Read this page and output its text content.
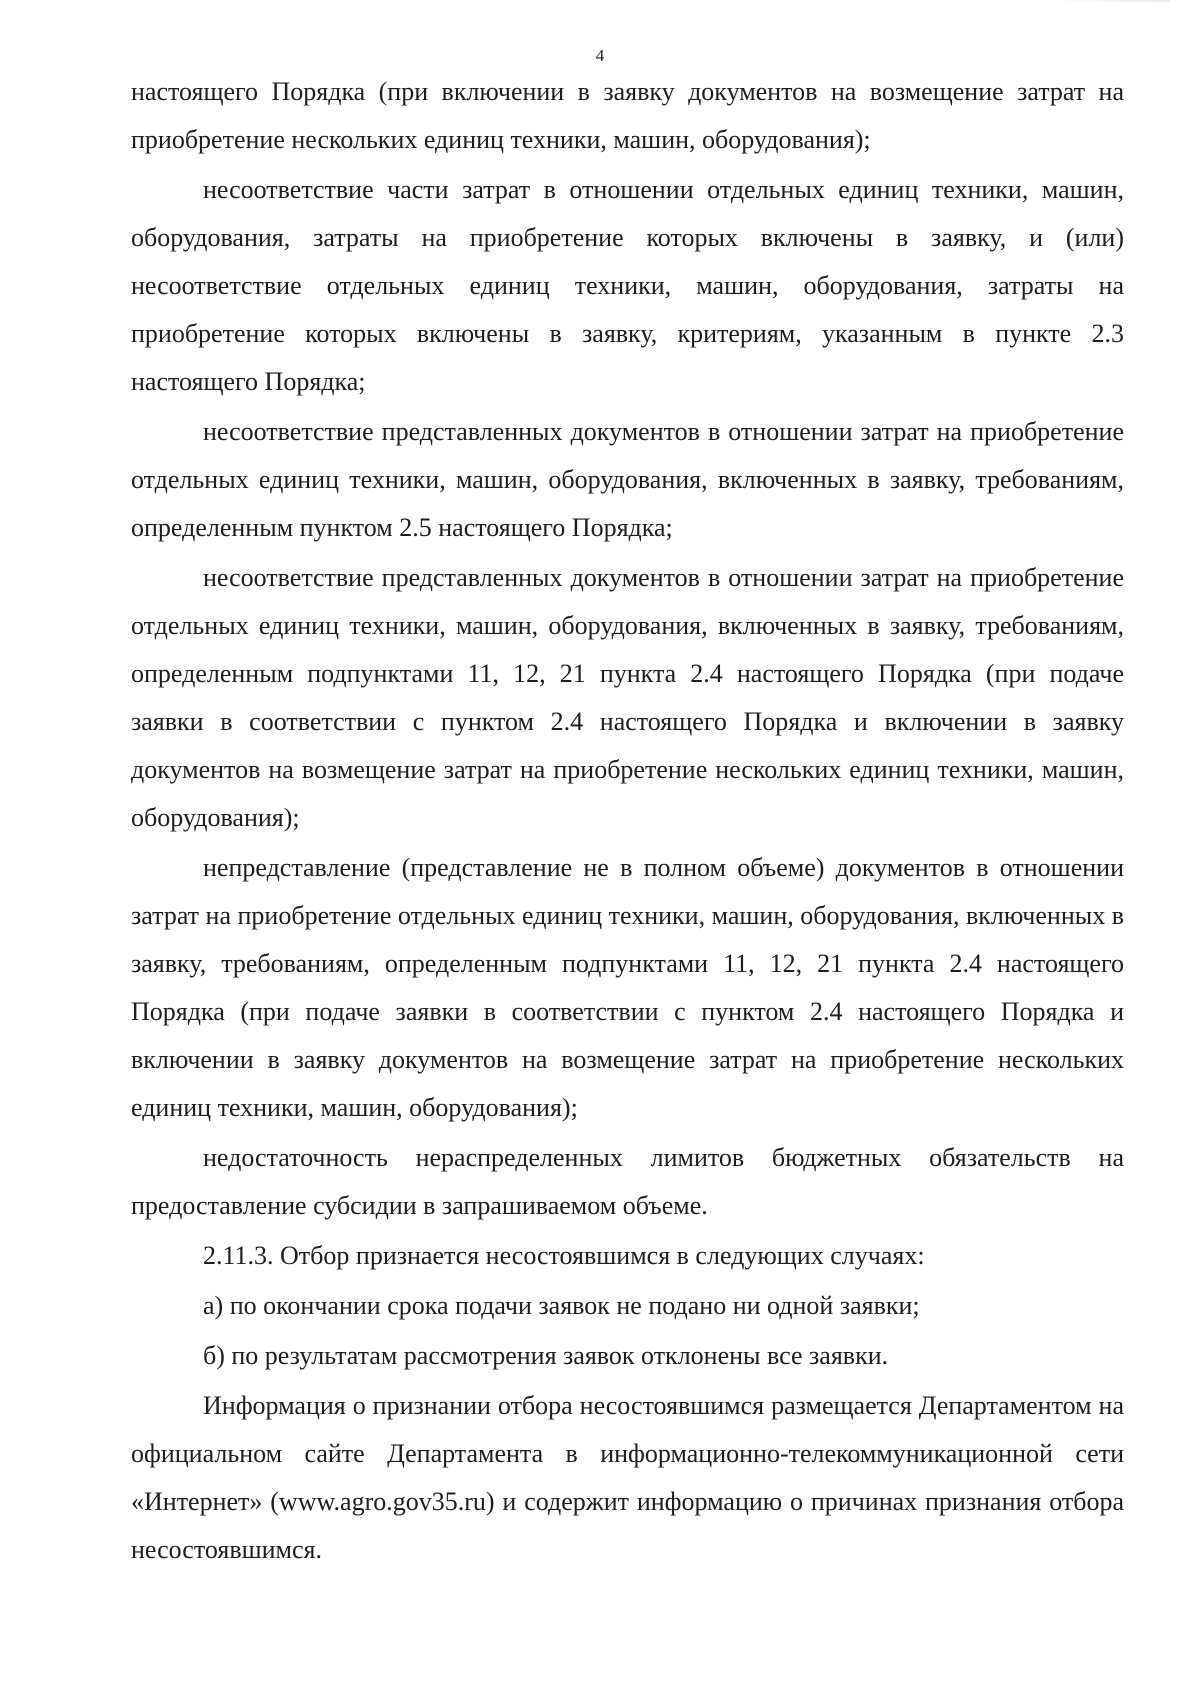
4

настоящего Порядка (при включении в заявку документов на возмещение затрат на приобретение нескольких единиц техники, машин, оборудования);

несоответствие части затрат в отношении отдельных единиц техники, машин, оборудования, затраты на приобретение которых включены в заявку, и (или) несоответствие отдельных единиц техники, машин, оборудования, затраты на приобретение которых включены в заявку, критериям, указанным в пункте 2.3 настоящего Порядка;

несоответствие представленных документов в отношении затрат на приобретение отдельных единиц техники, машин, оборудования, включенных в заявку, требованиям, определенным пунктом 2.5 настоящего Порядка;

несоответствие представленных документов в отношении затрат на приобретение отдельных единиц техники, машин, оборудования, включенных в заявку, требованиям, определенным подпунктами 11, 12, 21 пункта 2.4 настоящего Порядка (при подаче заявки в соответствии с пунктом 2.4 настоящего Порядка и включении в заявку документов на возмещение затрат на приобретение нескольких единиц техники, машин, оборудования);

непредставление (представление не в полном объеме) документов в отношении затрат на приобретение отдельных единиц техники, машин, оборудования, включенных в заявку, требованиям, определенным подпунктами 11, 12, 21 пункта 2.4 настоящего Порядка (при подаче заявки в соответствии с пунктом 2.4 настоящего Порядка и включении в заявку документов на возмещение затрат на приобретение нескольких единиц техники, машин, оборудования);

недостаточность нераспределенных лимитов бюджетных обязательств на предоставление субсидии в запрашиваемом объеме.

2.11.3. Отбор признается несостоявшимся в следующих случаях:

а) по окончании срока подачи заявок не подано ни одной заявки;

б) по результатам рассмотрения заявок отклонены все заявки.

Информация о признании отбора несостоявшимся размещается Департаментом на официальном сайте Департамента в информационно-телекоммуникационной сети «Интернет» (www.agro.gov35.ru) и содержит информацию о причинах признания отбора несостоявшимся.
